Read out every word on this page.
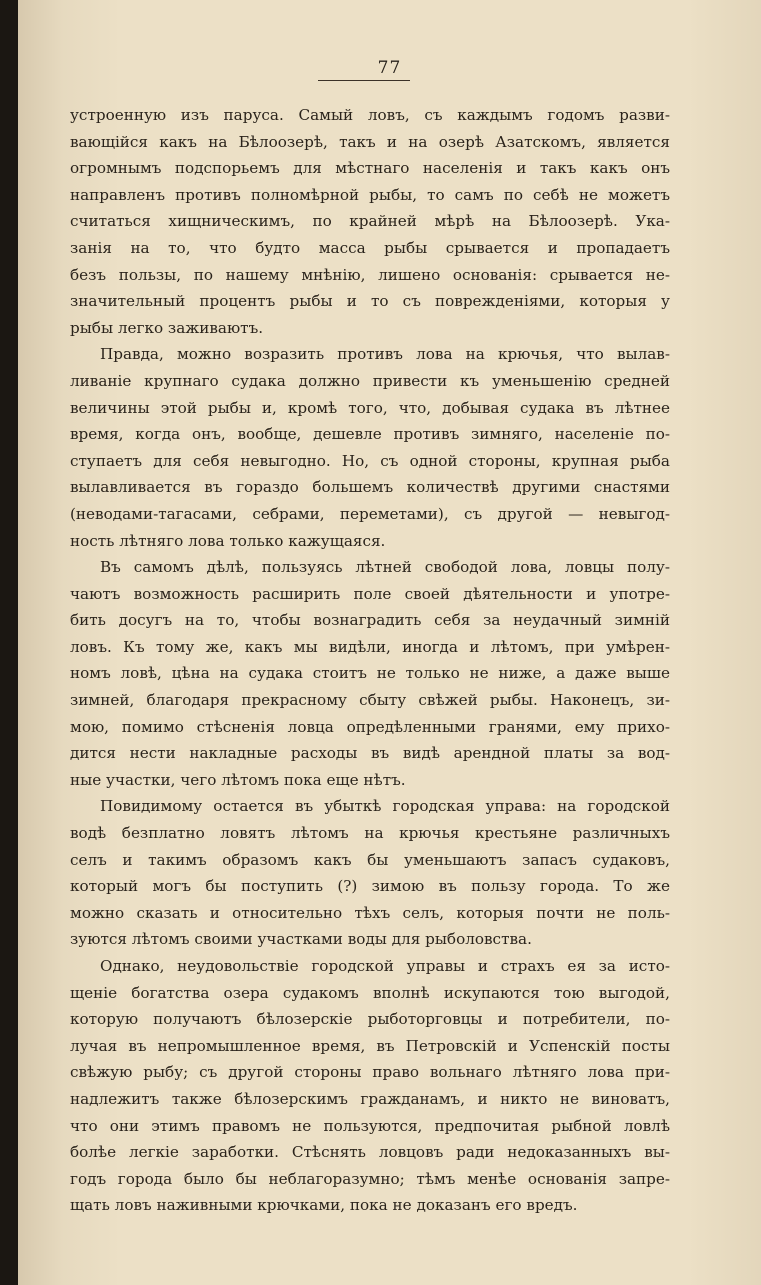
77
устроенную изъ паруса. Самый ловъ, съ каждымъ годомъ разви-
вающійся какъ на Бѣлоозерѣ, такъ и на озерѣ Азатскомъ, является
огромнымъ подспорьемъ для мѣстнаго населенія и такъ какъ онъ
направленъ противъ полномѣрной рыбы, то самъ по себѣ не можетъ
считаться хищническимъ, по крайней мѣрѣ на Бѣлоозерѣ. Ука-
занія на то, что будто масса рыбы срывается и пропадаетъ
безъ пользы, по нашему мнѣнію, лишено основанія: срывается не-
значительный процентъ рыбы и то съ поврежденіями, которыя у
рыбы легко заживаютъ.
Правда, можно возразить противъ лова на крючья, что вылав-
ливаніе крупнаго судака должно привести къ уменьшенію средней
величины этой рыбы и, кромѣ того, что, добывая судака въ лѣтнее
время, когда онъ, вообще, дешевле противъ зимняго, населеніе по-
ступаетъ для себя невыгодно. Но, съ одной стороны, крупная рыба
вылавливается въ гораздо большемъ количествѣ другими снастями
(неводами-тагасами, себрами, переметами), съ другой — невыгод-
ность лѣтняго лова только кажущаяся.
Въ самомъ дѣлѣ, пользуясь лѣтней свободой лова, ловцы полу-
чаютъ возможность расширить поле своей дѣятельности и употре-
бить досугъ на то, чтобы вознаградить себя за неудачный зимній
ловъ. Къ тому же, какъ мы видѣли, иногда и лѣтомъ, при умѣрен-
номъ ловѣ, цѣна на судака стоитъ не только не ниже, а даже выше
зимней, благодаря прекрасному сбыту свѣжей рыбы. Наконецъ, зи-
мою, помимо стѣсненія ловца опредѣленными гранями, ему прихо-
дится нести накладные расходы въ видѣ арендной платы за вод-
ные участки, чего лѣтомъ пока еще нѣтъ.
Повидимому остается въ убыткѣ городская управа: на городской
водѣ безплатно ловятъ лѣтомъ на крючья крестьяне различныхъ
селъ и такимъ образомъ какъ бы уменьшаютъ запасъ судаковъ,
который могъ бы поступить (?) зимою въ пользу города. То же
можно сказать и относительно тѣхъ селъ, которыя почти не поль-
зуются лѣтомъ своими участками воды для рыболовства.
Однако, неудовольствіе городской управы и страхъ ея за исто-
щеніе богатства озера судакомъ вполнѣ искупаются тою выгодой,
которую получаютъ бѣлозерскіе рыботорговцы и потребители, по-
лучая въ непромышленное время, въ Петровскій и Успенскій посты
свѣжую рыбу; съ другой стороны право вольнаго лѣтняго лова при-
надлежитъ также бѣлозерскимъ гражданамъ, и никто не виноватъ,
что они этимъ правомъ не пользуются, предпочитая рыбной ловлѣ
болѣе легкіе заработки. Стѣснять ловцовъ ради недоказанныхъ вы-
годъ города было бы неблагоразумно; тѣмъ менѣе основанія запре-
щать ловъ наживными крючками, пока не доказанъ его вредъ.
